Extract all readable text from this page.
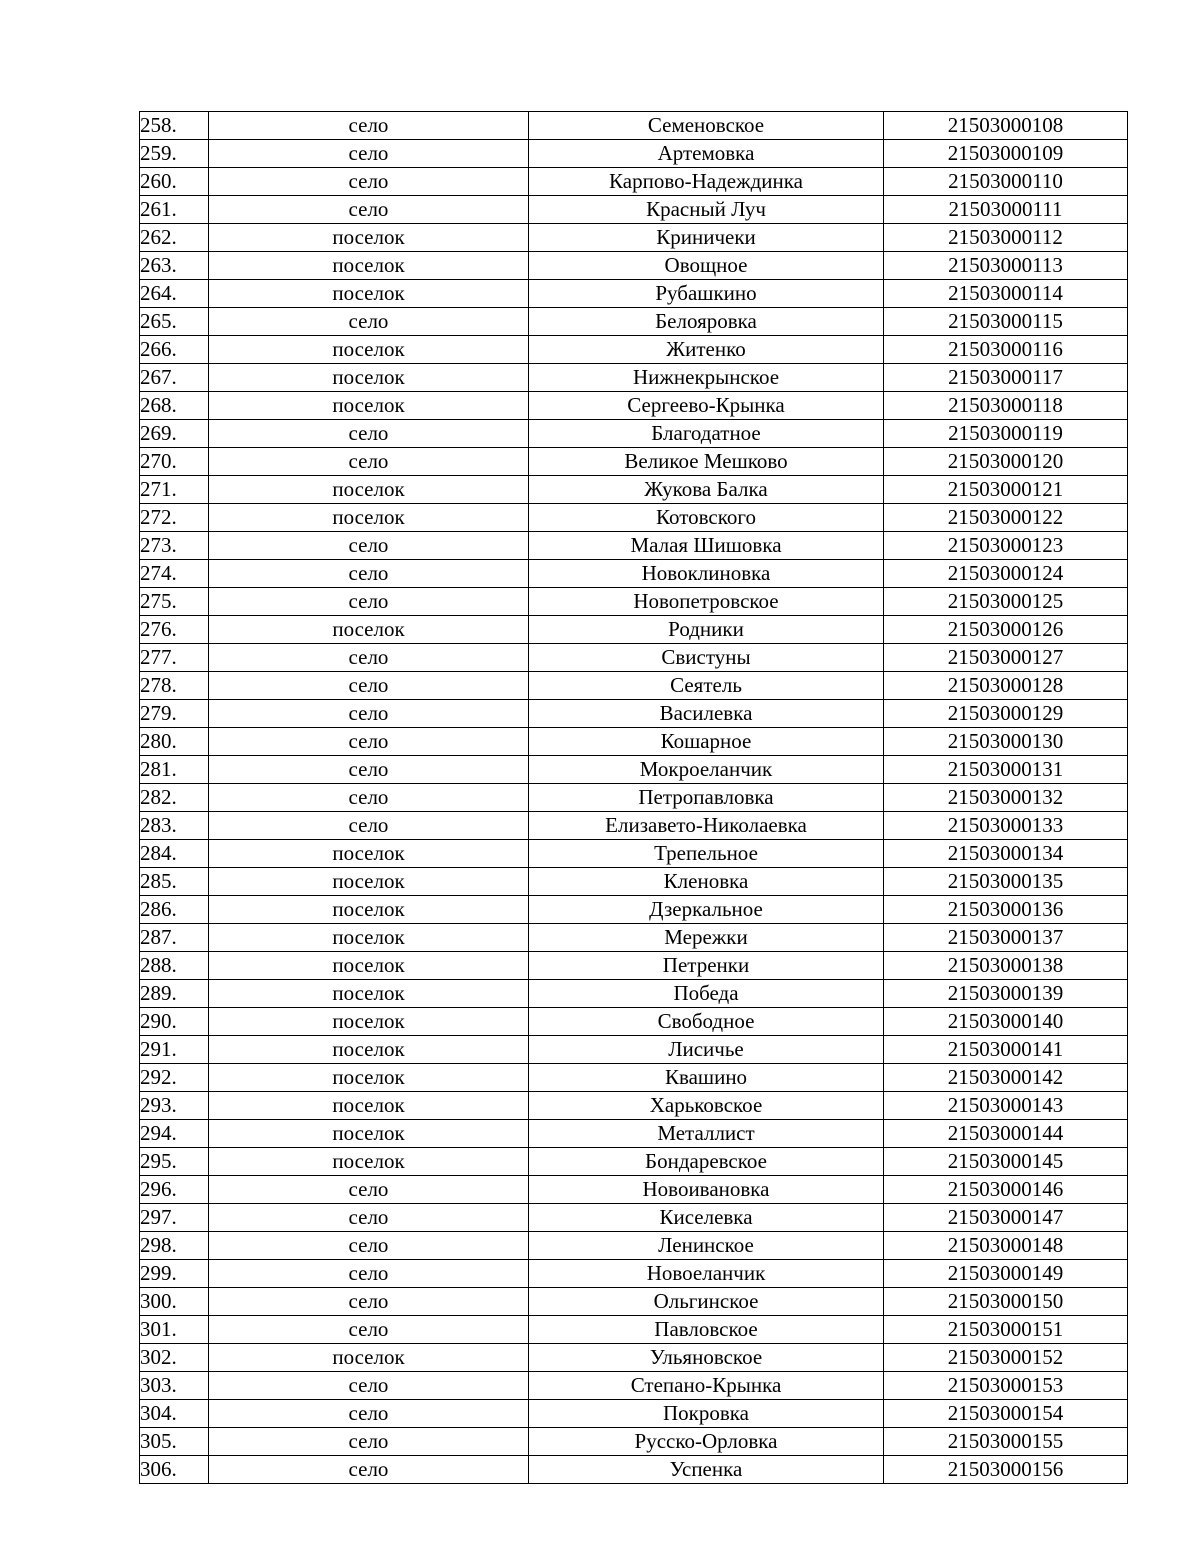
258.	село	Семеновское	21503000108
259.	село	Артемовка	21503000109
260.	село	Карпово-Надеждинка	21503000110
261.	село	Красный Луч	21503000111
262.	поселок	Криничеки	21503000112
263.	поселок	Овощное	21503000113
264.	поселок	Рубашкино	21503000114
265.	село	Белояровка	21503000115
266.	поселок	Житенко	21503000116
267.	поселок	Нижнекрынское	21503000117
268.	поселок	Сергеево-Крынка	21503000118
269.	село	Благодатное	21503000119
270.	село	Великое Мешково	21503000120
271.	поселок	Жукова Балка	21503000121
272.	поселок	Котовского	21503000122
273.	село	Малая Шишовка	21503000123
274.	село	Новоклиновка	21503000124
275.	село	Новопетровское	21503000125
276.	поселок	Родники	21503000126
277.	село	Свистуны	21503000127
278.	село	Сеятель	21503000128
279.	село	Василевка	21503000129
280.	село	Кошарное	21503000130
281.	село	Мокроеланчик	21503000131
282.	село	Петропавловка	21503000132
283.	село	Елизавето-Николаевка	21503000133
284.	поселок	Трепельное	21503000134
285.	поселок	Кленовка	21503000135
286.	поселок	Дзеркальное	21503000136
287.	поселок	Мережки	21503000137
288.	поселок	Петренки	21503000138
289.	поселок	Победа	21503000139
290.	поселок	Свободное	21503000140
291.	поселок	Лисичье	21503000141
292.	поселок	Квашино	21503000142
293.	поселок	Харьковское	21503000143
294.	поселок	Металлист	21503000144
295.	поселок	Бондаревское	21503000145
296.	село	Новоивановка	21503000146
297.	село	Киселевка	21503000147
298.	село	Ленинское	21503000148
299.	село	Новоеланчик	21503000149
300.	село	Ольгинское	21503000150
301.	село	Павловское	21503000151
302.	поселок	Ульяновское	21503000152
303.	село	Степано-Крынка	21503000153
304.	село	Покровка	21503000154
305.	село	Русско-Орловка	21503000155
306.	село	Успенка	21503000156
